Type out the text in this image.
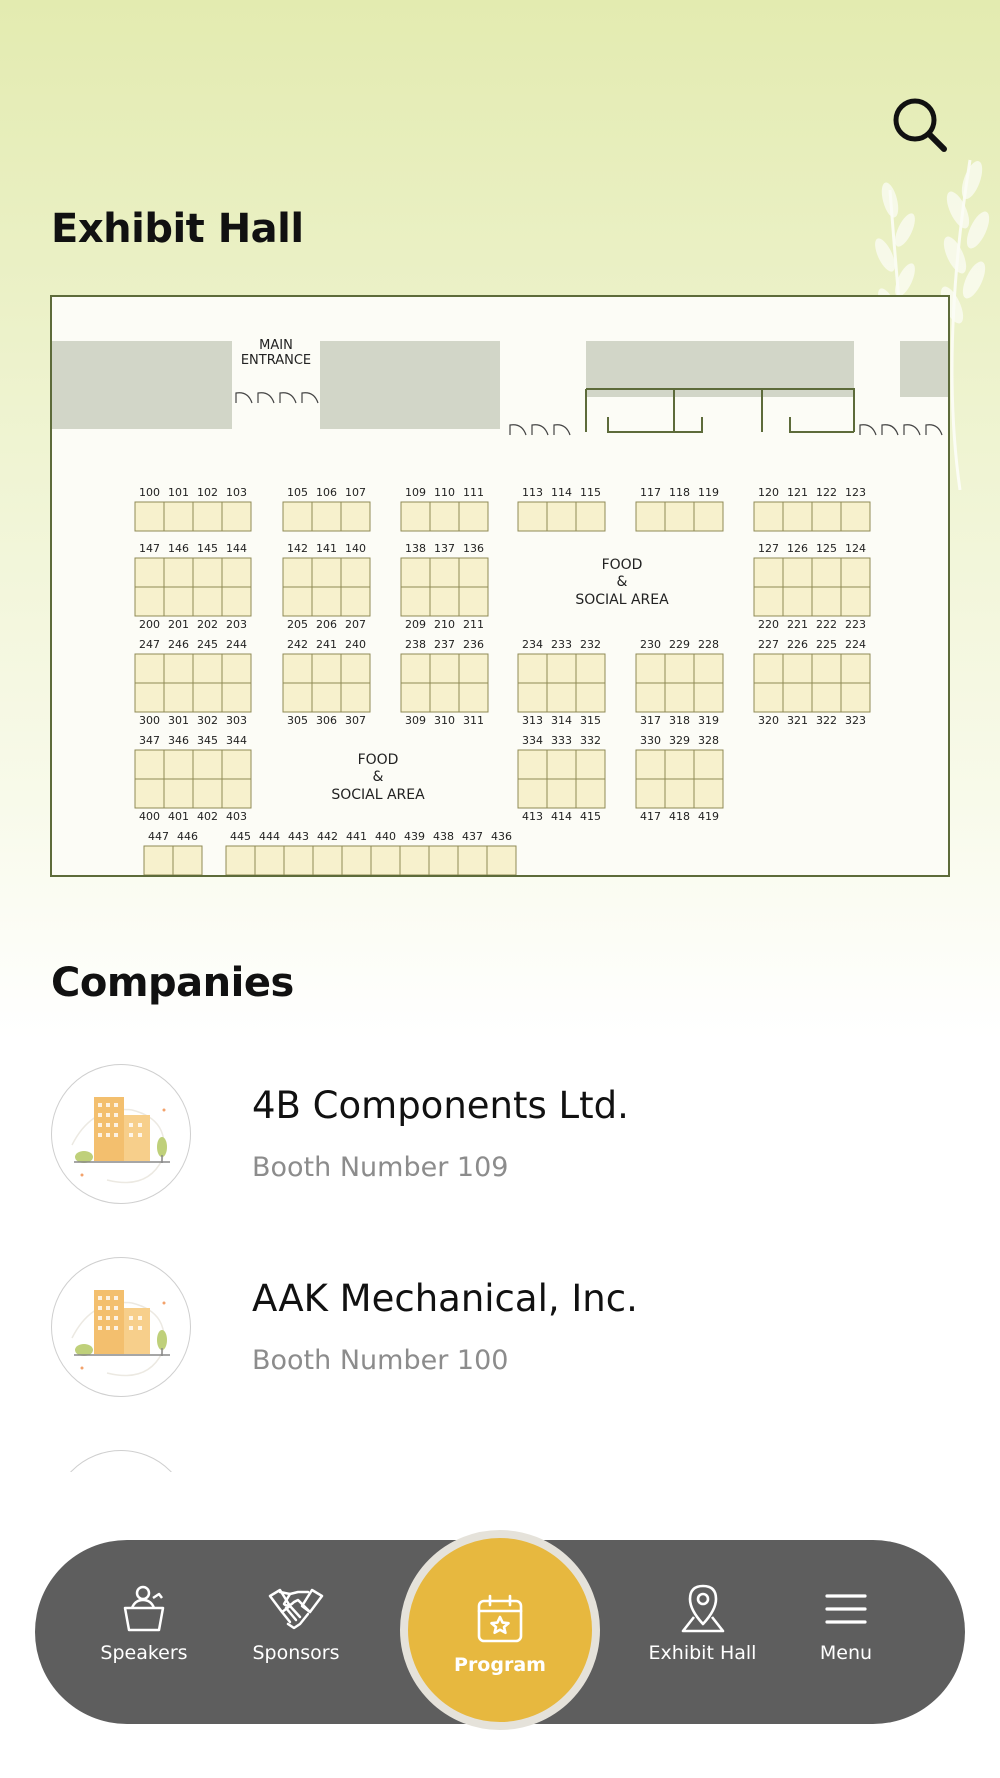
Exhibit Hall
MAIN
ENTRANCE
FOOD
&
SOCIAL AREA
FOOD
&
SOCIAL AREA
100 101 102 103	105 106 107	109 110 111	113 114 115	117 118 119	120 121 122 123
147 146 145 144
200 201 202 203
142 141 140
205 206 207
138 137 136
209 210 211
127 126 125 124
220 221 222 223
247 246 245 244
300 301 302 303
242 241 240
305 306 307
238 237 236
309 310 311
234 233 232
313 314 315
230 229 228
317 318 319
227 226 225 224
320 321 322 323
347 346 345 344
400 401 402 403
334 333 332
413 414 415
330 329 328
417 418 419
447 446	445 444 443 442 441 440 439 438 437 436
Companies
4B Components Ltd.
Booth Number 109
AAK Mechanical, Inc.
Booth Number 100
Speakers	Sponsors
Program
Exhibit Hall	Menu
